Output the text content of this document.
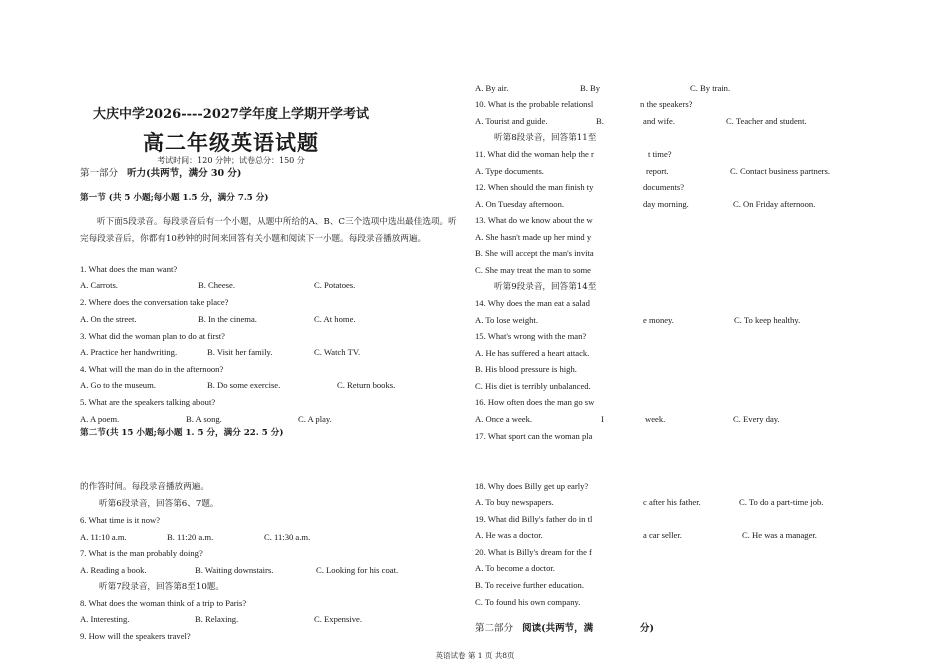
大庆中学2026----2027学年度上学期开学考试
高二年级英语试题
考试时间：120 分钟；试卷总分：150 分
第一部分 听力(共两节，满分 30 分)
第一节 (共 5 小题;每小题 1.5 分，满分 7.5 分)
听下面5段录音。每段录音后有一个小题，从题中所给的A、B、C三个选项中选出最佳选项。听完每段录音后，你都有10秒钟的时间来回答有关小题和阅读下一小题。每段录音播放两遍。
1. What does the man want?
A. Carrots.	B. Cheese.	C. Potatoes.
2. Where does the conversation take place?
A. On the street.	B. In the cinema.	C. At home.
3. What did the woman plan to do at first?
A. Practice her handwriting.	B. Visit her family.	C. Watch TV.
4. What will the man do in the afternoon?
A. Go to the museum.	B. Do some exercise.	C. Return books.
5. What are the speakers talking about?
A. A poem.	B. A song.	C. A play.
第二节(共 15 小题;每小题 1. 5 分，满分 22. 5 分)
的作答时间。每段录音播放两遍。
听第6段录音，回答第6、7题。
6. What time is it now?
A. 11:10 a.m.	B. 11:20 a.m.	C. 11:30 a.m.
7. What is the man probably doing?
A. Reading a book.	B. Waiting downstairs.	C. Looking for his coat.
听第7段录音，回答第8至10题。
8. What does the woman think of a trip to Paris?
A. Interesting.	B. Relaxing.	C. Expensive.
9. How will the speakers travel?
A. By air.	B. By	C. By train.
10. What is the probable relationsl	n the speakers?
A. Tourist and guide.	B.	and wife.	C. Teacher and student.
听第8段录音，回答第11至
11. What did the woman help the r	t time?
A. Type documents.	report.	C. Contact business partners.
12. When should the man finish ty	documents?
A. On Tuesday afternoon.	day morning.	C. On Friday afternoon.
13. What do we know about the w
A. She hasn't made up her mind y
B. She will accept the man's invita
C. She may treat the man to some
听第9段录音，回答第14至
14. Why does the man eat a salad
A. To lose weight.	e money.	C. To keep healthy.
15. What's wrong with the man?
A. He has suffered a heart attack.
B. His blood pressure is high.
C. His diet is terribly unbalanced.
16. How often does the man go sw
A. Once a week.	I	week.	C. Every day.
17. What sport can the woman pla
18. Why does Billy get up early?
A. To buy newspapers.	c after his father.	C. To do a part-time job.
19. What did Billy's father do in tl
A. He was a doctor.	a car seller.	C. He was a manager.
20. What is Billy's dream for the f
A. To become a doctor.
B. To receive further education.
C. To found his own company.
第二部分 阅读(共两节，满	分)
英语试卷 第 1 页 共8页
